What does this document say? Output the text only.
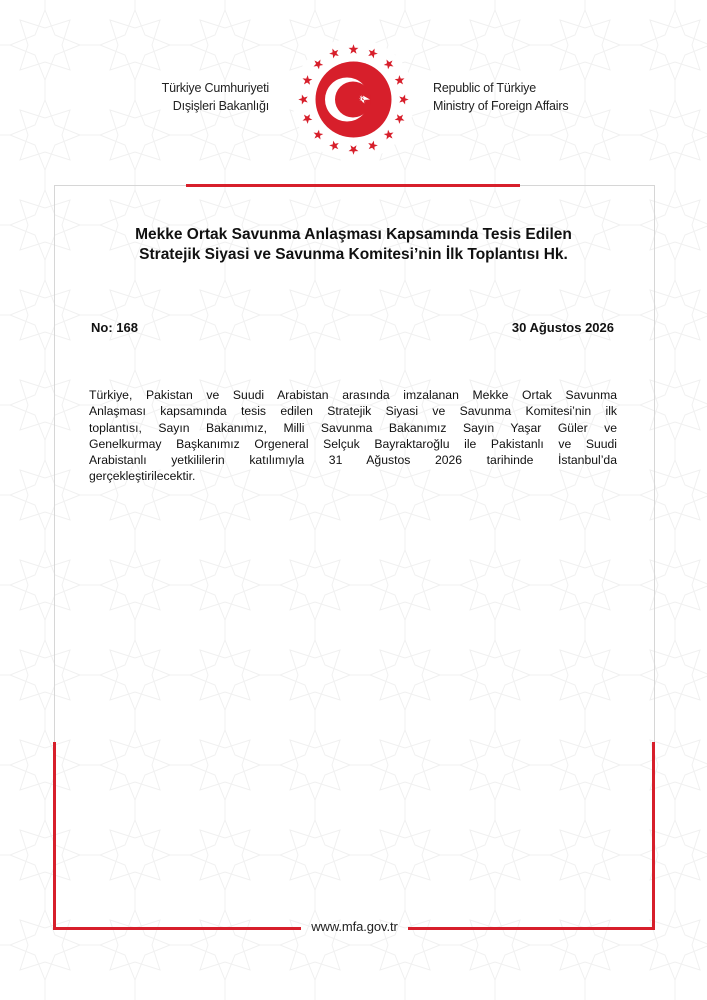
Türkiye Cumhuriyeti
Dışişleri Bakanlığı
Republic of Türkiye
Ministry of Foreign Affairs
Mekke Ortak Savunma Anlaşması Kapsamında Tesis Edilen
Stratejik Siyasi ve Savunma Komitesi’nin İlk Toplantısı Hk.
No: 168	30 Ağustos 2026
Türkiye, Pakistan ve Suudi Arabistan arasında imzalanan Mekke Ortak Savunma
Anlaşması kapsamında tesis edilen Stratejik Siyasi ve Savunma Komitesi’nin ilk
toplantısı, Sayın Bakanımız, Milli Savunma Bakanımız Sayın Yaşar Güler ve
Genelkurmay Başkanımız Orgeneral Selçuk Bayraktaroğlu ile Pakistanlı ve Suudi
Arabistanlı yetkililerin katılımıyla 31 Ağustos 2026 tarihinde İstanbul’da
gerçekleştirilecektir.
www.mfa.gov.tr
